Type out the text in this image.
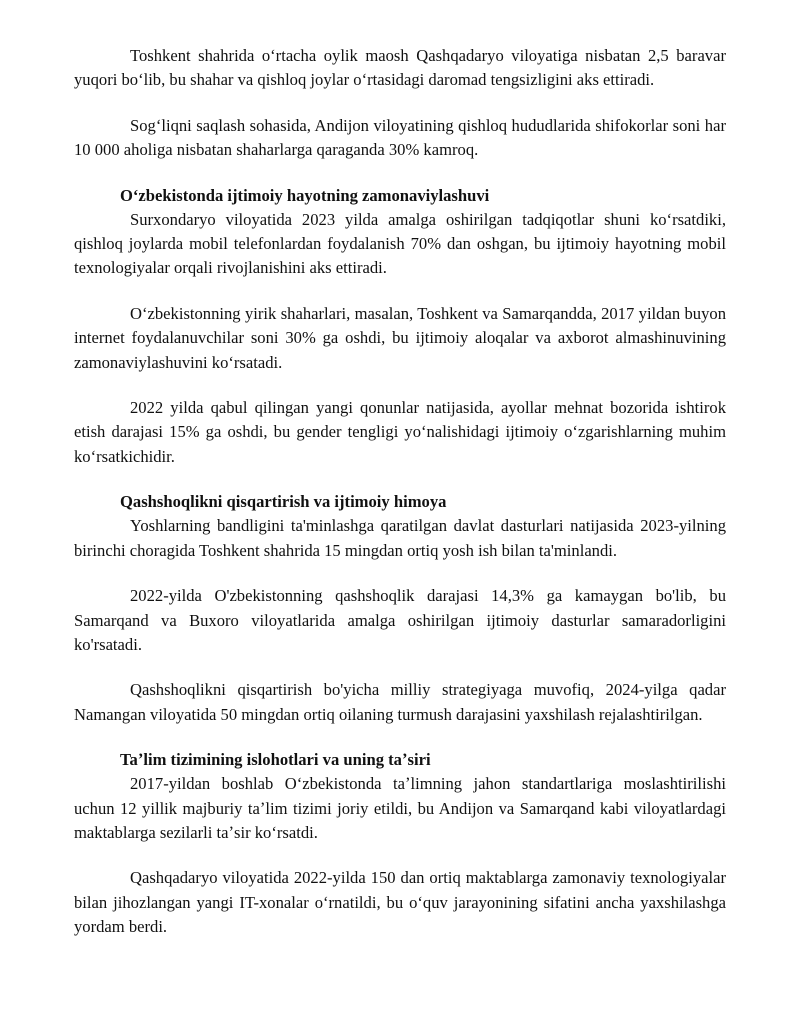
Toshkent shahrida oʻrtacha oylik maosh Qashqadaryo viloyatiga nisbatan 2,5 baravar yuqori boʻlib, bu shahar va qishloq joylar oʻrtasidagi daromad tengsizligini aks ettiradi.

Sogʻliqni saqlash sohasida, Andijon viloyatining qishloq hududlarida shifokorlar soni har 10 000 aholiga nisbatan shaharlarga qaraganda 30% kamroq.

Oʻzbekistonda ijtimoiy hayotning zamonaviylashuvi

Surxondaryo viloyatida 2023 yilda amalga oshirilgan tadqiqotlar shuni koʻrsatdiki, qishloq joylarda mobil telefonlardan foydalanish 70% dan oshgan, bu ijtimoiy hayotning mobil texnologiyalar orqali rivojlanishini aks ettiradi.

Oʻzbekistonning yirik shaharlari, masalan, Toshkent va Samarqandda, 2017 yildan buyon internet foydalanuvchilar soni 30% ga oshdi, bu ijtimoiy aloqalar va axborot almashinuvining zamonaviylashuvini koʻrsatadi.

2022 yilda qabul qilingan yangi qonunlar natijasida, ayollar mehnat bozorida ishtirok etish darajasi 15% ga oshdi, bu gender tengligi yoʻnalishidagi ijtimoiy oʻzgarishlarning muhim koʻrsatkichidir.

Qashshoqlikni qisqartirish va ijtimoiy himoya

Yoshlarning bandligini ta'minlashga qaratilgan davlat dasturlari natijasida 2023-yilning birinchi choragida Toshkent shahrida 15 mingdan ortiq yosh ish bilan ta'minlandi.

2022-yilda O'zbekistonning qashshoqlik darajasi 14,3% ga kamaygan bo'lib, bu Samarqand va Buxoro viloyatlarida amalga oshirilgan ijtimoiy dasturlar samaradorligini ko'rsatadi.

Qashshoqlikni qisqartirish bo'yicha milliy strategiyaga muvofiq, 2024-yilga qadar Namangan viloyatida 50 mingdan ortiq oilaning turmush darajasini yaxshilash rejalashtirilgan.

Taʼlim tizimining islohotlari va uning taʼsiri

2017-yildan boshlab Oʻzbekistonda taʼlimning jahon standartlariga moslashtirilishi uchun 12 yillik majburiy taʼlim tizimi joriy etildi, bu Andijon va Samarqand kabi viloyatlardagi maktablarga sezilarli taʼsir koʻrsatdi.

Qashqadaryo viloyatida 2022-yilda 150 dan ortiq maktablarga zamonaviy texnologiyalar bilan jihozlangan yangi IT-xonalar oʻrnatildi, bu oʻquv jarayonining sifatini ancha yaxshilashga yordam berdi.
